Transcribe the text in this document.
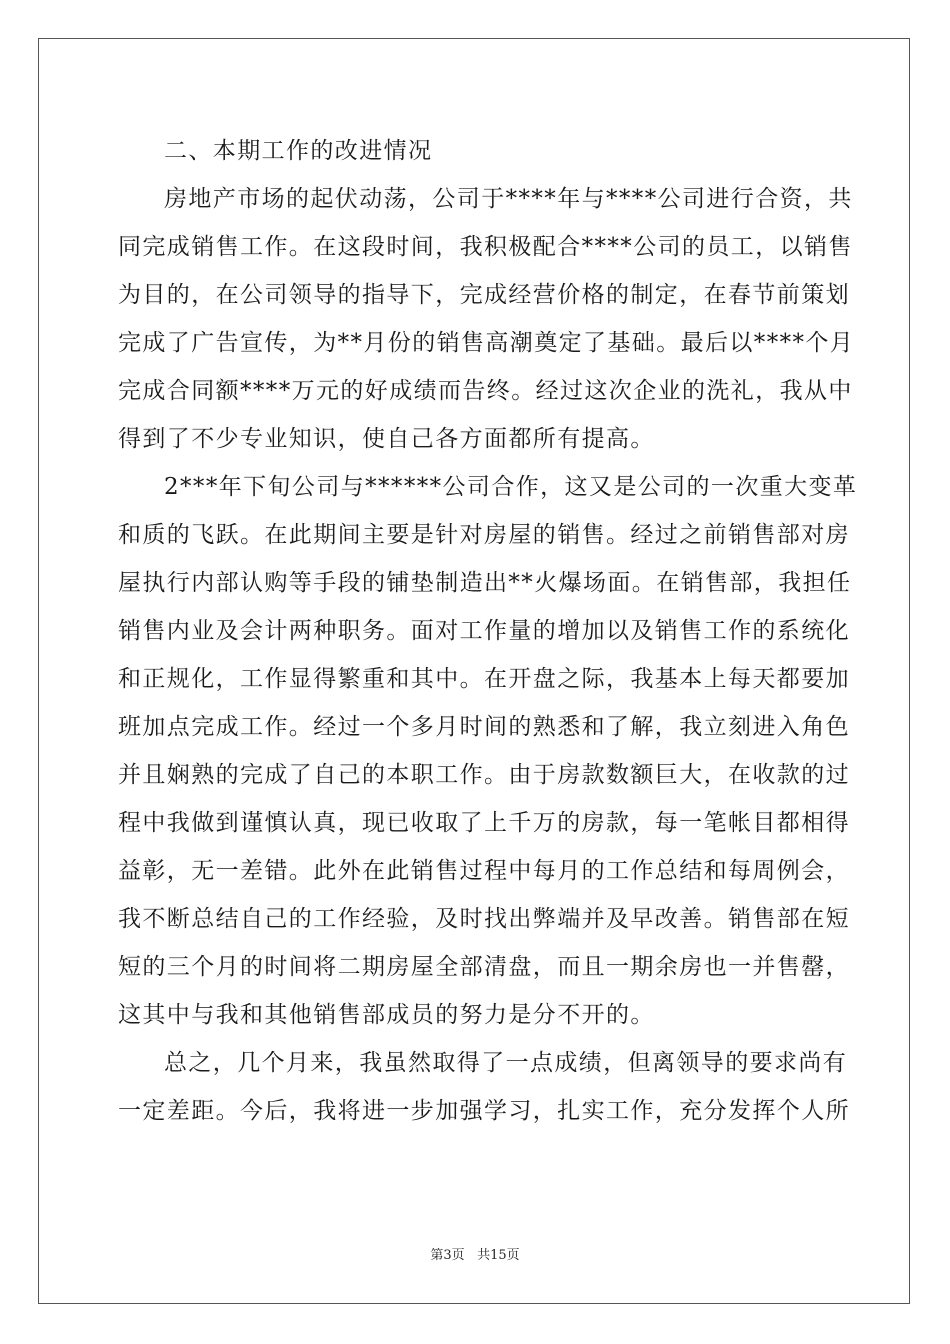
二、本期工作的改进情况
房地产市场的起伏动荡，公司于****年与****公司进行合资，共
同完成销售工作。在这段时间，我积极配合****公司的员工，以销售
为目的，在公司领导的指导下，完成经营价格的制定，在春节前策划
完成了广告宣传，为**月份的销售高潮奠定了基础。最后以****个月
完成合同额****万元的好成绩而告终。经过这次企业的洗礼，我从中
得到了不少专业知识，使自己各方面都所有提高。
2***年下旬公司与******公司合作，这又是公司的一次重大变革
和质的飞跃。在此期间主要是针对房屋的销售。经过之前销售部对房
屋执行内部认购等手段的铺垫制造出**火爆场面。在销售部，我担任
销售内业及会计两种职务。面对工作量的增加以及销售工作的系统化
和正规化，工作显得繁重和其中。在开盘之际，我基本上每天都要加
班加点完成工作。经过一个多月时间的熟悉和了解，我立刻进入角色
并且娴熟的完成了自己的本职工作。由于房款数额巨大，在收款的过
程中我做到谨慎认真，现已收取了上千万的房款，每一笔帐目都相得
益彰，无一差错。此外在此销售过程中每月的工作总结和每周例会，
我不断总结自己的工作经验，及时找出弊端并及早改善。销售部在短
短的三个月的时间将二期房屋全部清盘，而且一期余房也一并售罄，
这其中与我和其他销售部成员的努力是分不开的。
总之，几个月来，我虽然取得了一点成绩，但离领导的要求尚有
一定差距。今后，我将进一步加强学习，扎实工作，充分发挥个人所
第3页 共15页
